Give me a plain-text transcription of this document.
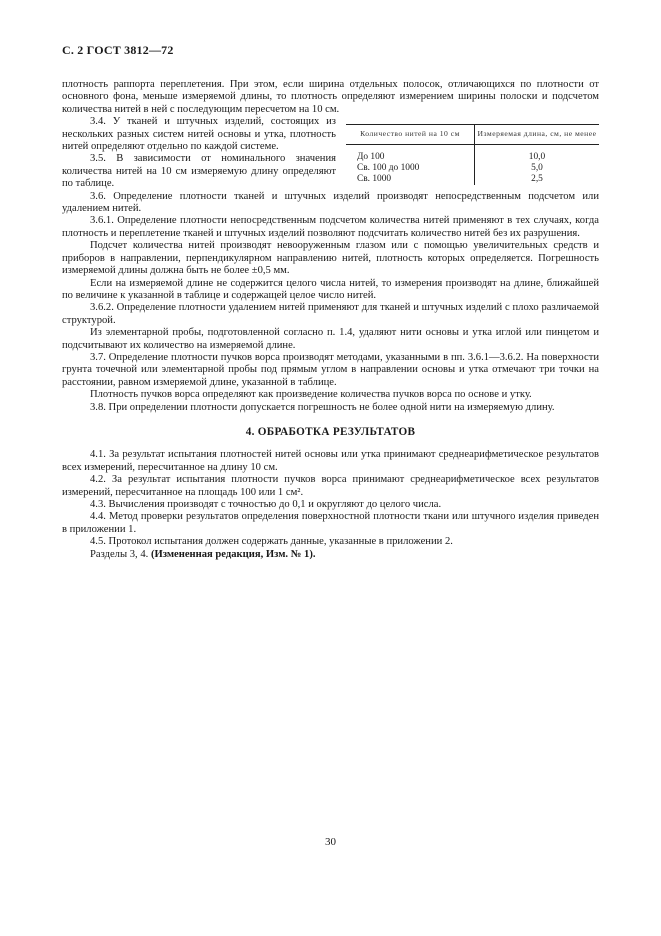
С. 2 ГОСТ 3812—72

плотность раппорта переплетения. При этом, если ширина отдельных полосок, отличающихся по плотности от основного фона, меньше измеряемой длины, то плотность определяют измерением ширины полоски и подсчетом количества нитей в ней с последующим пересчетом на 10 см.

Количество нитей на 10 см	Измеряемая длина, см, не менее
До 100	10,0
Св. 100 до 1000	5,0
Св. 1000	2,5

3.4. У тканей и штучных изделий, состоящих из нескольких разных систем нитей основы и утка, плотность нитей определяют отдельно по каждой системе.

3.5. В зависимости от номинального значения количества нитей на 10 см измеряемую длину определяют по таблице.

3.6. Определение плотности тканей и штучных изделий производят непосредственным подсчетом или удалением нитей.

3.6.1. Определение плотности непосредственным подсчетом количества нитей применяют в тех случаях, когда плотность и переплетение тканей и штучных изделий позволяют подсчитать количество нитей без их разрушения.

Подсчет количества нитей производят невооруженным глазом или с помощью увеличительных средств и приборов в направлении, перпендикулярном направлению нитей, плотность которых определяется. Погрешность измеряемой длины должна быть не более ±0,5 мм.

Если на измеряемой длине не содержится целого числа нитей, то измерения производят на длине, ближайшей по величине к указанной в таблице и содержащей целое число нитей.

3.6.2. Определение плотности удалением нитей применяют для тканей и штучных изделий с плохо различаемой структурой.

Из элементарной пробы, подготовленной согласно п. 1.4, удаляют нити основы и утка иглой или пинцетом и подсчитывают их количество на измеряемой длине.

3.7. Определение плотности пучков ворса производят методами, указанными в пп. 3.6.1—3.6.2. На поверхности грунта точечной или элементарной пробы под прямым углом в направлении основы и утка отмечают три точки на расстоянии, равном измеряемой длине, указанной в таблице.

Плотность пучков ворса определяют как произведение количества пучков ворса по основе и утку.

3.8. При определении плотности допускается погрешность не более одной нити на измеряемую длину.

4. ОБРАБОТКА РЕЗУЛЬТАТОВ

4.1. За результат испытания плотностей нитей основы или утка принимают среднеарифметическое результатов всех измерений, пересчитанное на длину 10 см.

4.2. За результат испытания плотности пучков ворса принимают среднеарифметическое всех результатов измерений, пересчитанное на площадь 100 или 1 см².

4.3. Вычисления производят с точностью до 0,1 и округляют до целого числа.

4.4. Метод проверки результатов определения поверхностной плотности ткани или штучного изделия приведен в приложении 1.

4.5. Протокол испытания должен содержать данные, указанные в приложении 2.

Разделы 3, 4. (Измененная редакция, Изм. № 1).

30
